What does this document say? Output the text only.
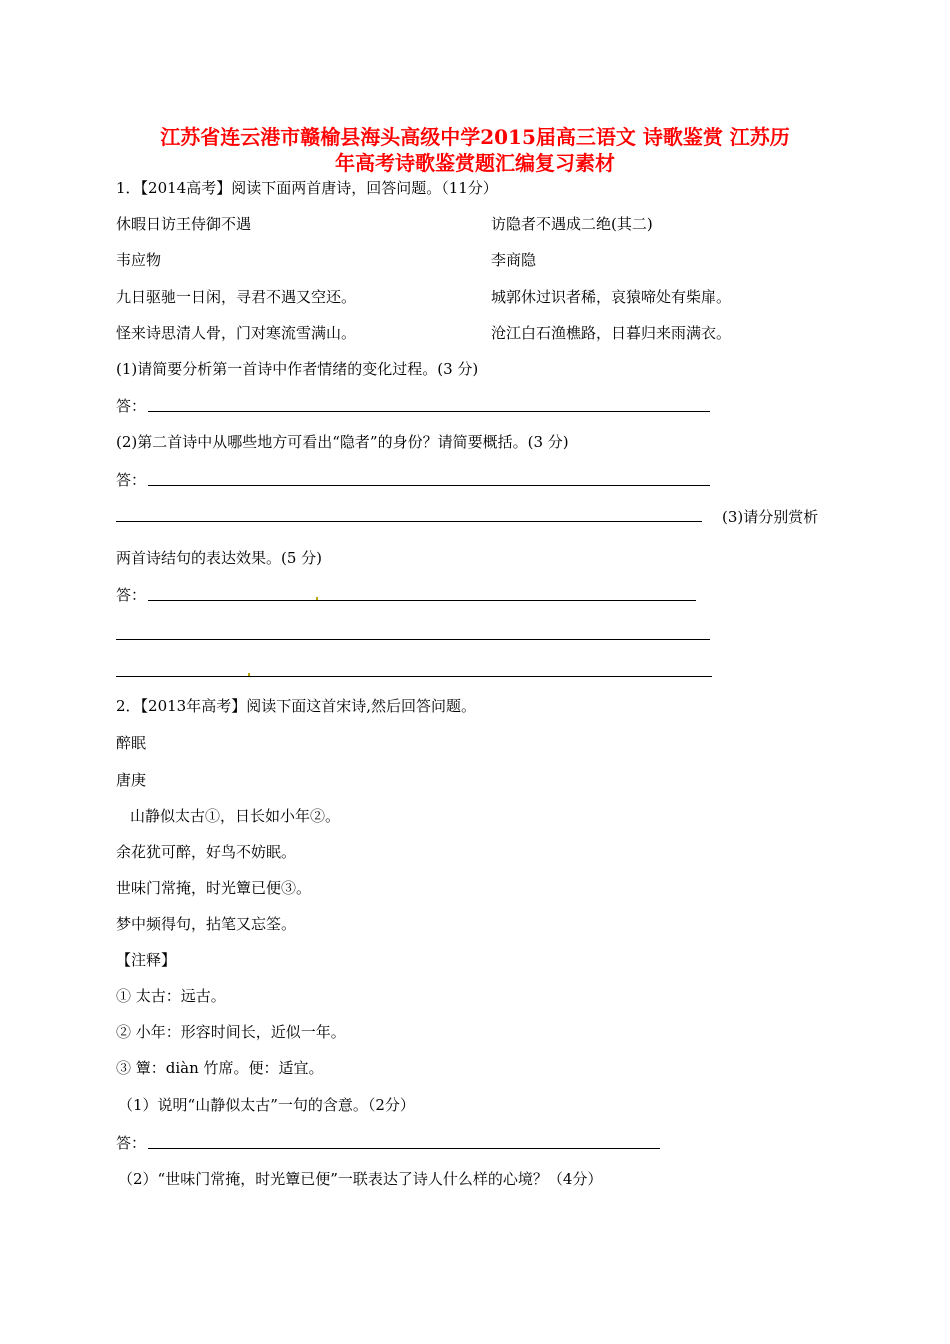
江苏省连云港市赣榆县海头高级中学2015届高三语文 诗歌鉴赏 江苏历
年高考诗歌鉴赏题汇编复习素材
1．【2014高考】阅读下面两首唐诗，回答问题。（11分）
休暇日访王侍御不遇	访隐者不遇成二绝(其二)
韦应物	李商隐
九日驱驰一日闲，寻君不遇又空还。	城郭休过识者稀，哀猿啼处有柴扉。
怪来诗思清人骨，门对寒流雪满山。	沧江白石渔樵路，日暮归来雨满衣。
(1)请简要分析第一首诗中作者情绪的变化过程。(3 分)
答：
(2)第二首诗中从哪些地方可看出“隐者”的身份？请简要概括。(3 分)
答：
(3)请分别赏析
两首诗结句的表达效果。(5 分)
答：
2．【2013年高考】阅读下面这首宋诗,然后回答问题。
醉眠
唐庚
山静似太古①，日长如小年②。
余花犹可醉，好鸟不妨眠。
世味门常掩，时光簟已便③。
梦中频得句，拈笔又忘筌。
【注释】
① 太古：远古。
② 小年：形容时间长，近似一年。
③ 簟：diàn 竹席。便：适宜。
（1）说明“山静似太古”一句的含意。（2分）
答：
（2）“世味门常掩，时光簟已便”一联表达了诗人什么样的心境？（4分）
